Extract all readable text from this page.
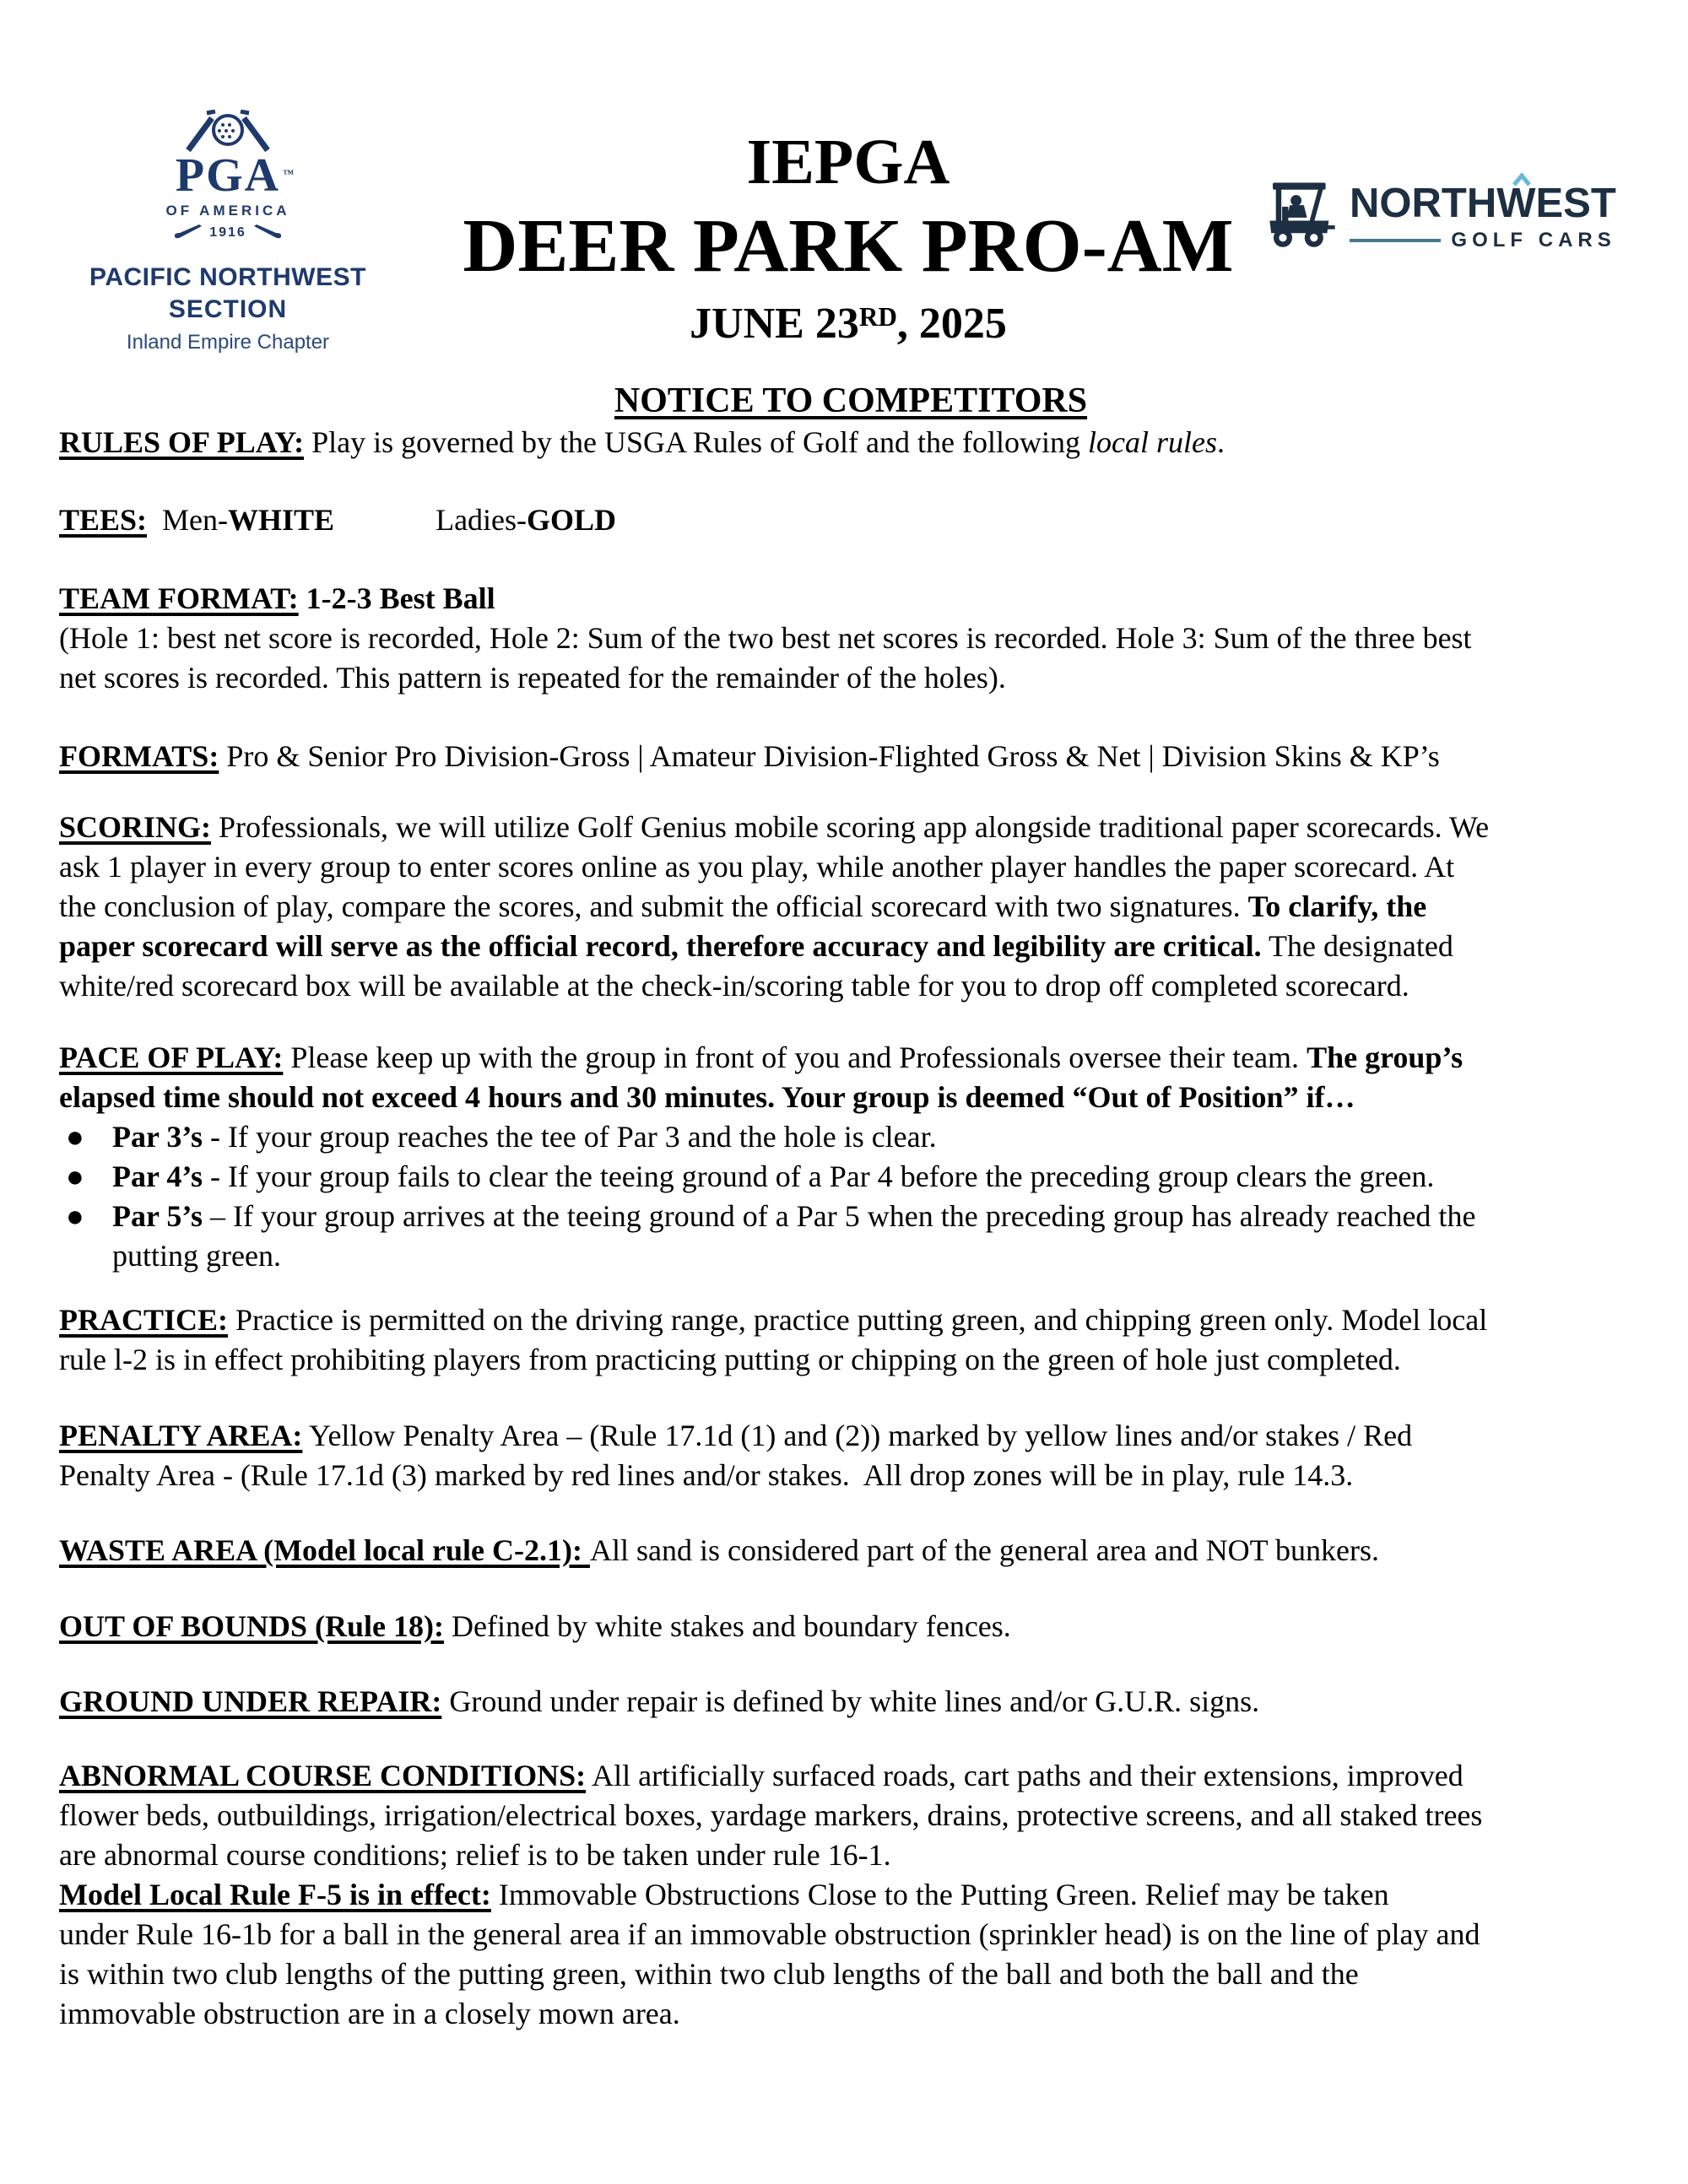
PGA ™
OF AMERICA
1916
PACIFIC NORTHWEST
SECTION
Inland Empire Chapter
IEPGA
DEER PARK PRO-AM
JUNE 23RD, 2025
NORTHWEST
GOLF CARS
NOTICE TO COMPETITORS

RULES OF PLAY: Play is governed by the USGA Rules of Golf and the following local rules.

TEES:  Men-WHITE	Ladies-GOLD

TEAM FORMAT: 1-2-3 Best Ball
(Hole 1: best net score is recorded, Hole 2: Sum of the two best net scores is recorded. Hole 3: Sum of the three best
net scores is recorded. This pattern is repeated for the remainder of the holes).

FORMATS: Pro & Senior Pro Division-Gross | Amateur Division-Flighted Gross & Net | Division Skins & KP’s

SCORING: Professionals, we will utilize Golf Genius mobile scoring app alongside traditional paper scorecards. We
ask 1 player in every group to enter scores online as you play, while another player handles the paper scorecard. At
the conclusion of play, compare the scores, and submit the official scorecard with two signatures. To clarify, the
paper scorecard will serve as the official record, therefore accuracy and legibility are critical. The designated
white/red scorecard box will be available at the check-in/scoring table for you to drop off completed scorecard.

PACE OF PLAY: Please keep up with the group in front of you and Professionals oversee their team. The group’s
elapsed time should not exceed 4 hours and 30 minutes. Your group is deemed “Out of Position” if…

● Par 3’s - If your group reaches the tee of Par 3 and the hole is clear.
● Par 4’s - If your group fails to clear the teeing ground of a Par 4 before the preceding group clears the green.
● Par 5’s – If your group arrives at the teeing ground of a Par 5 when the preceding group has already reached the
putting green.

PRACTICE: Practice is permitted on the driving range, practice putting green, and chipping green only. Model local
rule l-2 is in effect prohibiting players from practicing putting or chipping on the green of hole just completed.

PENALTY AREA: Yellow Penalty Area – (Rule 17.1d (1) and (2)) marked by yellow lines and/or stakes / Red
Penalty Area - (Rule 17.1d (3) marked by red lines and/or stakes.  All drop zones will be in play, rule 14.3.

WASTE AREA (Model local rule C-2.1): All sand is considered part of the general area and NOT bunkers.

OUT OF BOUNDS (Rule 18): Defined by white stakes and boundary fences.

GROUND UNDER REPAIR: Ground under repair is defined by white lines and/or G.U.R. signs.

ABNORMAL COURSE CONDITIONS: All artificially surfaced roads, cart paths and their extensions, improved
flower beds, outbuildings, irrigation/electrical boxes, yardage markers, drains, protective screens, and all staked trees
are abnormal course conditions; relief is to be taken under rule 16-1.

Model Local Rule F-5 is in effect: Immovable Obstructions Close to the Putting Green. Relief may be taken
under Rule 16-1b for a ball in the general area if an immovable obstruction (sprinkler head) is on the line of play and
is within two club lengths of the putting green, within two club lengths of the ball and both the ball and the
immovable obstruction are in a closely mown area.
